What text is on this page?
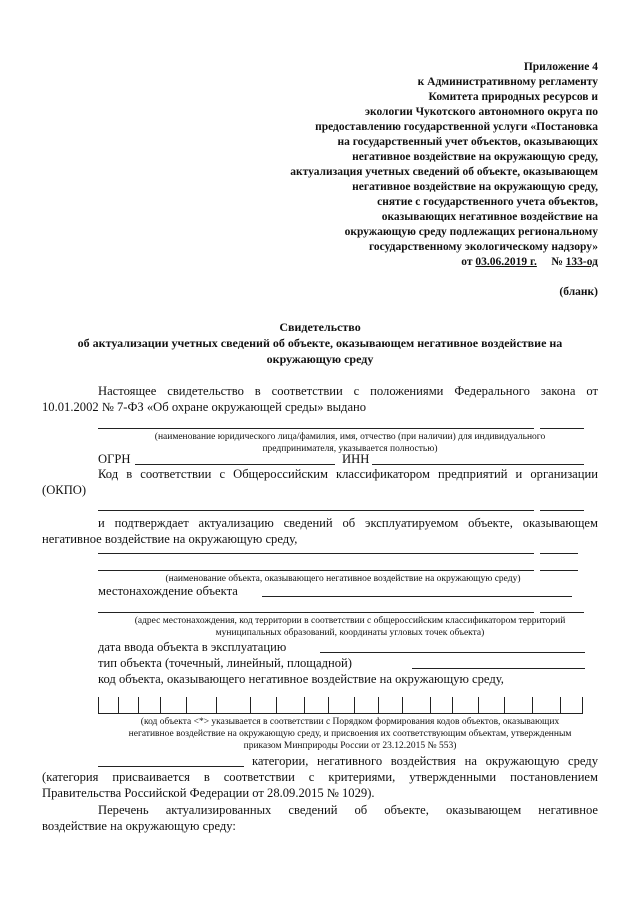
Приложение 4
к Административному регламенту
Комитета природных ресурсов и
экологии Чукотского автономного округа по
предоставлению государственной услуги «Постановка
на государственный учет объектов, оказывающих
негативное воздействие на окружающую среду,
актуализация учетных сведений об объекте, оказывающем
негативное воздействие на окружающую среду,
снятие с государственного учета объектов,
оказывающих негативное воздействие на
окружающую среду подлежащих региональному
государственному экологическому надзору»
от 03.06.2019 г. № 133-од
(бланк)
Свидетельство
об актуализации учетных сведений об объекте, оказывающем негативное воздействие на
окружающую среду
Настоящее свидетельство в соответствии с положениями Федерального закона от
10.01.2002 № 7-ФЗ «Об охране окружающей среды» выдано
(наименование юридического лица/фамилия, имя, отчество (при наличии) для индивидуального
предпринимателя, указывается полностью)
ОГРН	ИНН
Код в соответствии с Общероссийским классификатором предприятий и организации
(ОКПО)
и подтверждает актуализацию сведений об эксплуатируемом объекте, оказывающем
негативное воздействие на окружающую среду,
(наименование объекта, оказывающего негативное воздействие на окружающую среду)
местонахождение объекта
(адрес местонахождения, код территории в соответствии с общероссийским классификатором территорий
муниципальных образований, координаты угловых точек объекта)
дата ввода объекта в эксплуатацию
тип объекта (точечный, линейный, площадной)
код объекта, оказывающего негативное воздействие на окружающую среду,
(код объекта <*> указывается в соответствии с Порядком формирования кодов объектов, оказывающих
негативное воздействие на окружающую среду, и присвоения их соответствующим объектам, утвержденным
приказом Минприроды России от 23.12.2015 № 553)
категории, негативного воздействия на окружающую среду
(категория присваивается в соответствии с критериями, утвержденными постановлением
Правительства Российской Федерации от 28.09.2015 № 1029).
Перечень актуализированных сведений об объекте, оказывающем негативное
воздействие на окружающую среду:
